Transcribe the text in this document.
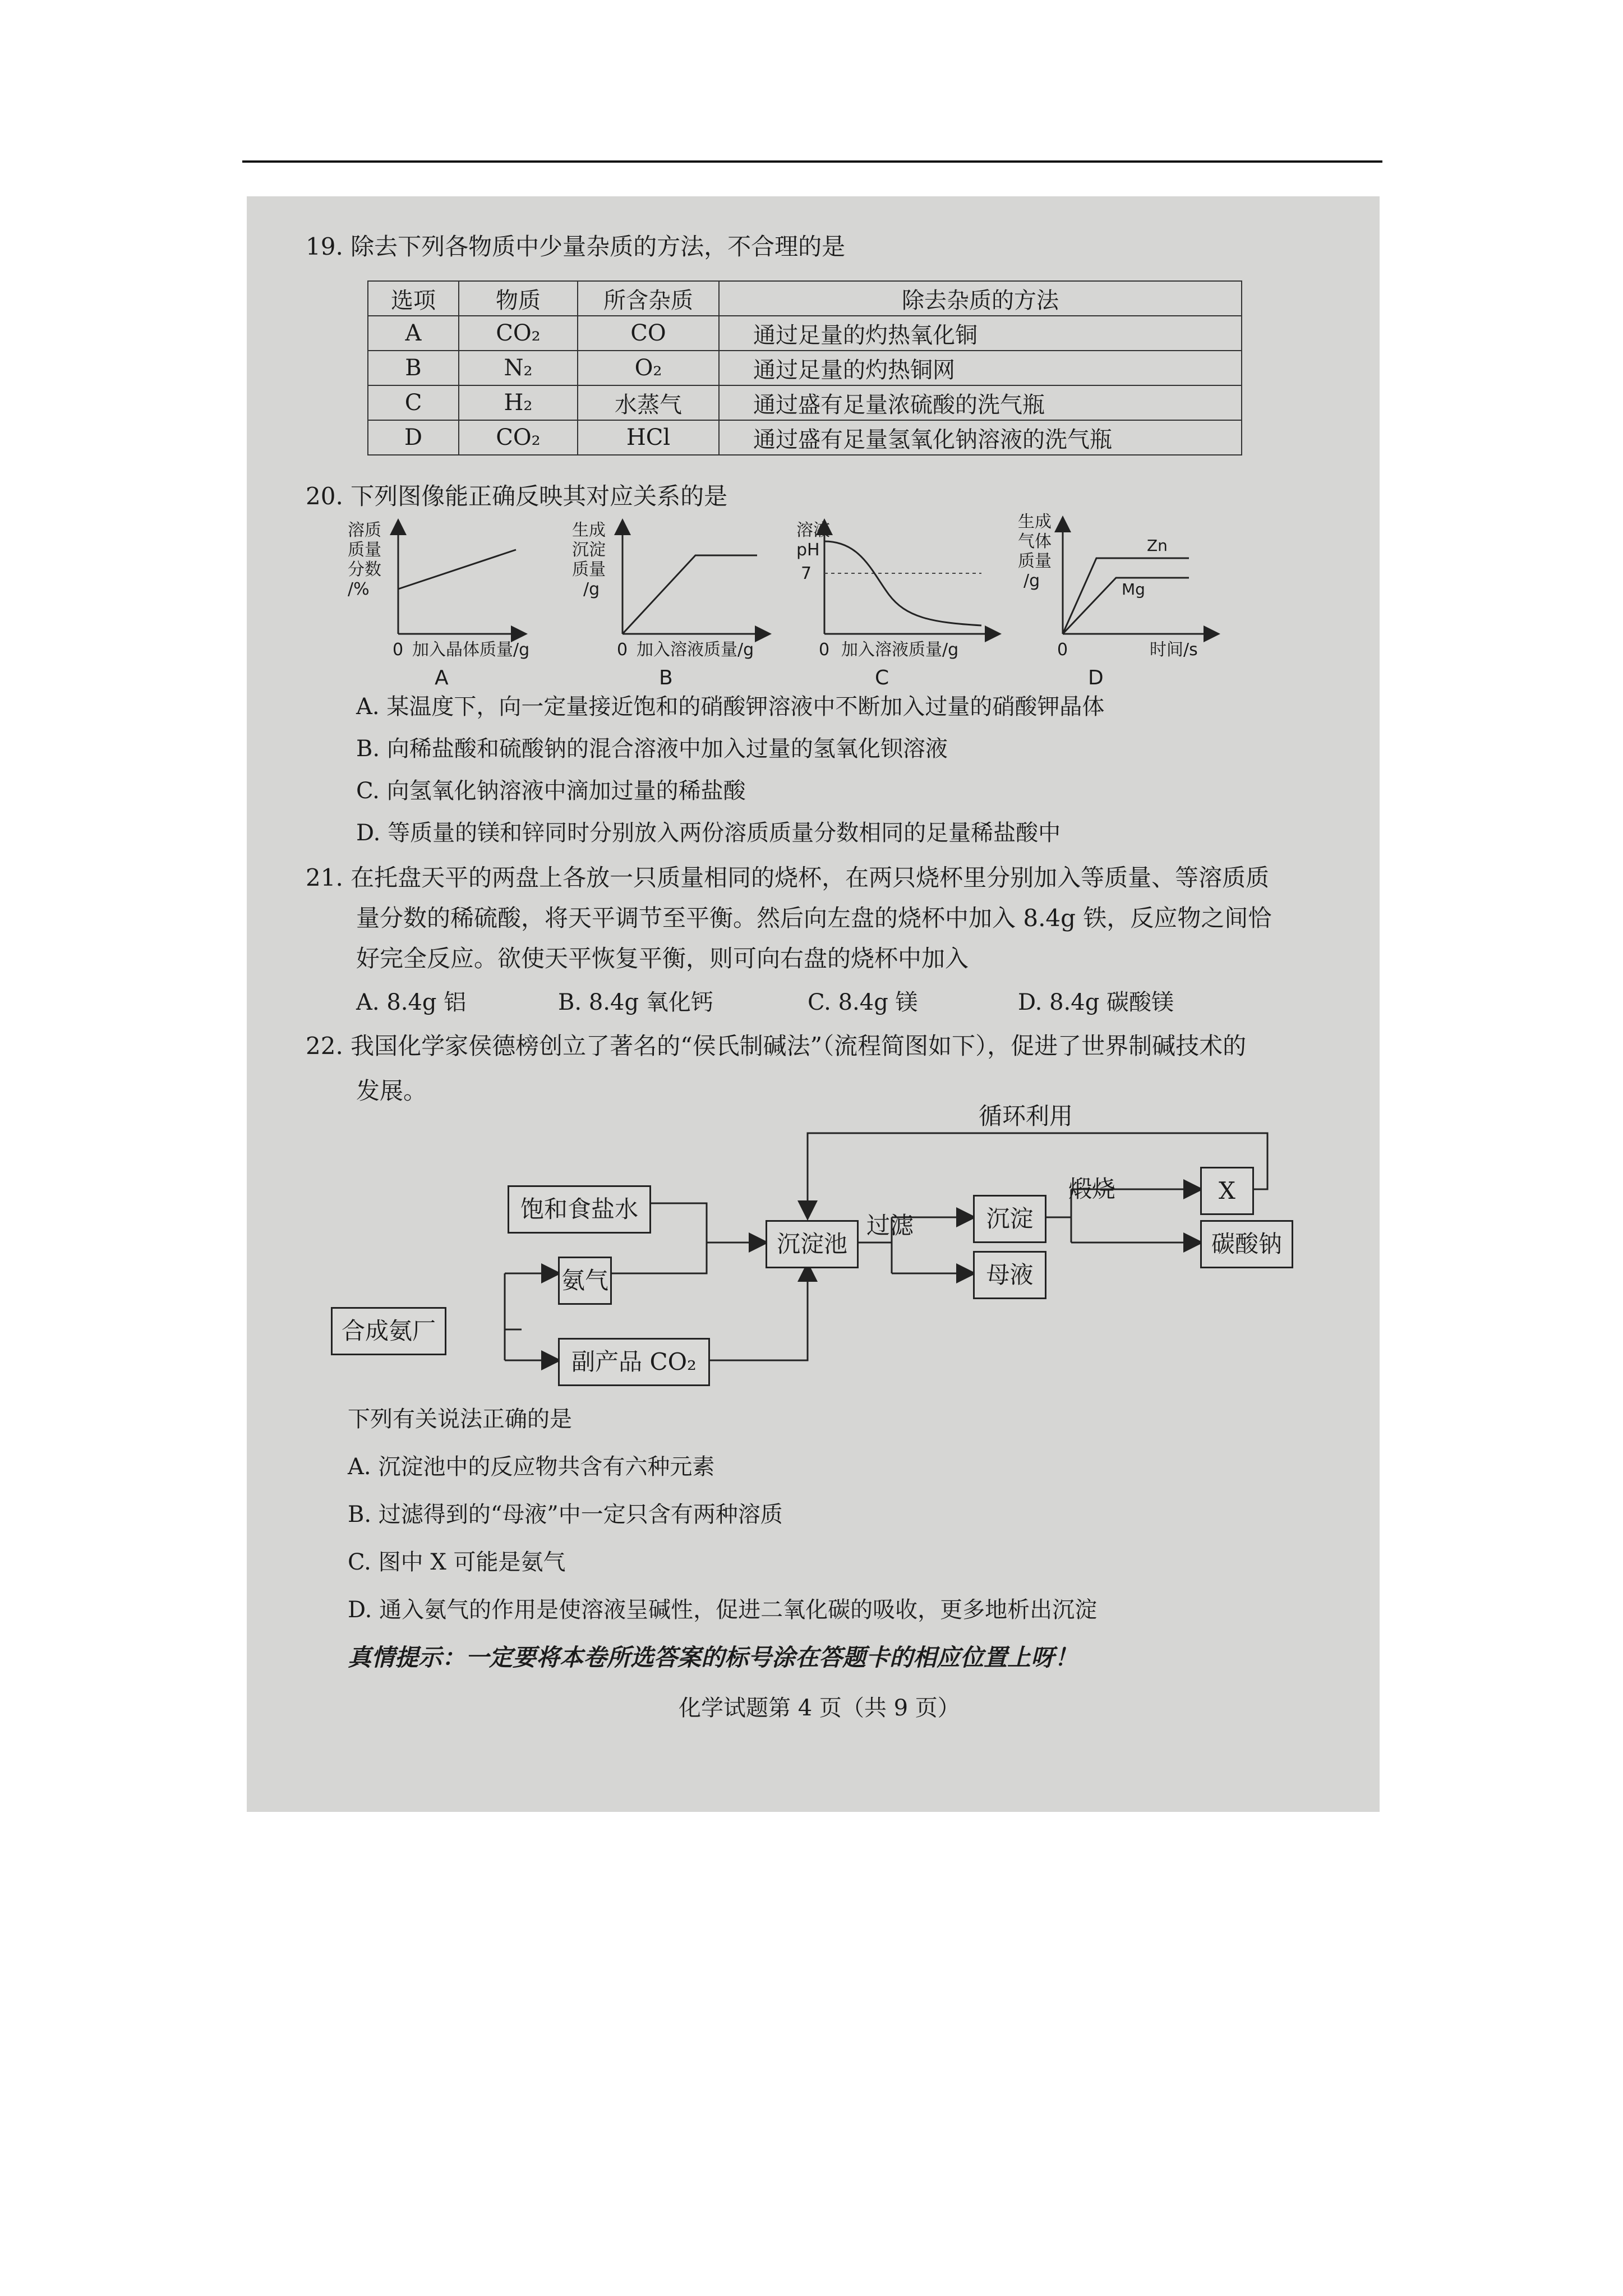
19. 除去下列各物质中少量杂质的方法，不合理的是
选项	物质	所含杂质	除去杂质的方法
A	CO₂	CO	通过足量的灼热氧化铜
B	N₂	O₂	通过足量的灼热铜网
C	H₂	水蒸气	通过盛有足量浓硫酸的洗气瓶
D	CO₂	HCl	通过盛有足量氢氧化钠溶液的洗气瓶
20. 下列图像能正确反映其对应关系的是
溶质
质量
分数
/%
0 加入晶体质量/g
A
生成
沉淀
质量
/g
0 加入溶液质量/g
B
溶液
pH
7
0 加入溶液质量/g
C
生成
气体
质量
/g
Zn
Mg
0	时间/s
D
A. 某温度下，向一定量接近饱和的硝酸钾溶液中不断加入过量的硝酸钾晶体
B. 向稀盐酸和硫酸钠的混合溶液中加入过量的氢氧化钡溶液
C. 向氢氧化钠溶液中滴加过量的稀盐酸
D. 等质量的镁和锌同时分别放入两份溶质质量分数相同的足量稀盐酸中
21. 在托盘天平的两盘上各放一只质量相同的烧杯，在两只烧杯里分别加入等质量、等溶质质
量分数的稀硫酸，将天平调节至平衡。然后向左盘的烧杯中加入 8.4g 铁，反应物之间恰
好完全反应。欲使天平恢复平衡，则可向右盘的烧杯中加入
A. 8.4g 铝	B. 8.4g 氧化钙	C. 8.4g 镁	D. 8.4g 碳酸镁
22. 我国化学家侯德榜创立了著名的“侯氏制碱法”（流程简图如下），促进了世界制碱技术的
发展。
循环利用
饱和食盐水
氨气
合成氨厂
副产品 CO₂
沉淀池
过滤	沉淀
母液
煅烧	X
碳酸钠
下列有关说法正确的是
A. 沉淀池中的反应物共含有六种元素
B. 过滤得到的“母液”中一定只含有两种溶质
C. 图中 X 可能是氨气
D. 通入氨气的作用是使溶液呈碱性，促进二氧化碳的吸收，更多地析出沉淀
真情提示：一定要将本卷所选答案的标号涂在答题卡的相应位置上呀！
化学试题第 4 页（共 9 页）
